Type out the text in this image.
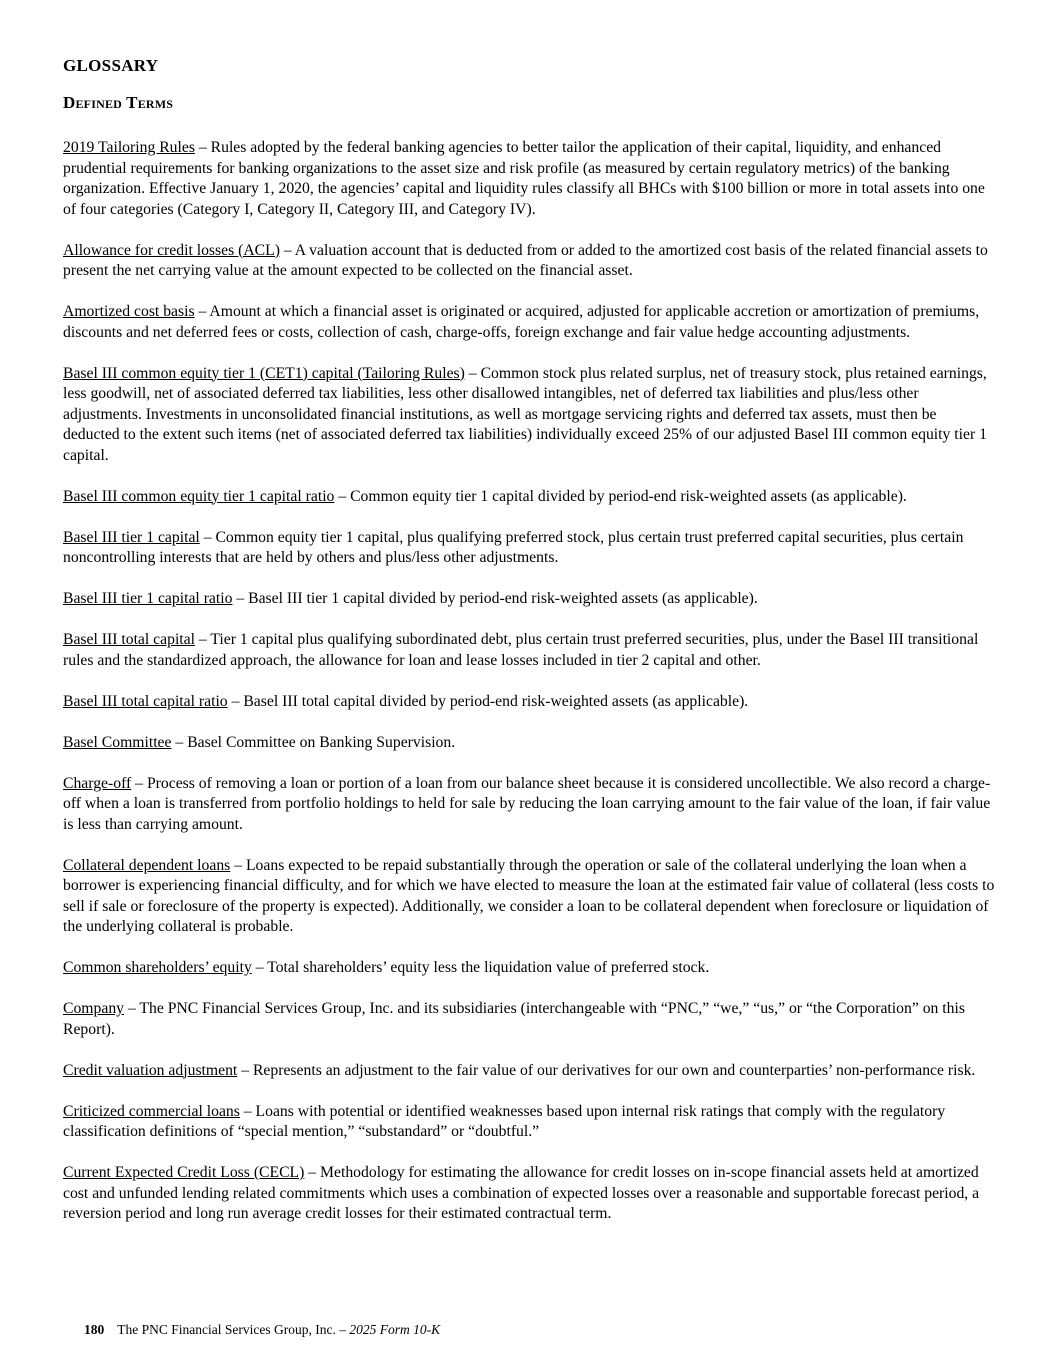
GLOSSARY
Defined Terms

2019 Tailoring Rules – Rules adopted by the federal banking agencies to better tailor the application of their capital, liquidity, and enhanced prudential requirements for banking organizations to the asset size and risk profile (as measured by certain regulatory metrics) of the banking organization. Effective January 1, 2020, the agencies’ capital and liquidity rules classify all BHCs with $100 billion or more in total assets into one of four categories (Category I, Category II, Category III, and Category IV).

Allowance for credit losses (ACL) – A valuation account that is deducted from or added to the amortized cost basis of the related financial assets to present the net carrying value at the amount expected to be collected on the financial asset.

Amortized cost basis – Amount at which a financial asset is originated or acquired, adjusted for applicable accretion or amortization of premiums, discounts and net deferred fees or costs, collection of cash, charge-offs, foreign exchange and fair value hedge accounting adjustments.

Basel III common equity tier 1 (CET1) capital (Tailoring Rules) – Common stock plus related surplus, net of treasury stock, plus retained earnings, less goodwill, net of associated deferred tax liabilities, less other disallowed intangibles, net of deferred tax liabilities and plus/less other adjustments. Investments in unconsolidated financial institutions, as well as mortgage servicing rights and deferred tax assets, must then be deducted to the extent such items (net of associated deferred tax liabilities) individually exceed 25% of our adjusted Basel III common equity tier 1 capital.

Basel III common equity tier 1 capital ratio – Common equity tier 1 capital divided by period-end risk-weighted assets (as applicable).

Basel III tier 1 capital – Common equity tier 1 capital, plus qualifying preferred stock, plus certain trust preferred capital securities, plus certain noncontrolling interests that are held by others and plus/less other adjustments.

Basel III tier 1 capital ratio – Basel III tier 1 capital divided by period-end risk-weighted assets (as applicable).

Basel III total capital – Tier 1 capital plus qualifying subordinated debt, plus certain trust preferred securities, plus, under the Basel III transitional rules and the standardized approach, the allowance for loan and lease losses included in tier 2 capital and other.

Basel III total capital ratio – Basel III total capital divided by period-end risk-weighted assets (as applicable).

Basel Committee – Basel Committee on Banking Supervision.

Charge-off – Process of removing a loan or portion of a loan from our balance sheet because it is considered uncollectible. We also record a charge-off when a loan is transferred from portfolio holdings to held for sale by reducing the loan carrying amount to the fair value of the loan, if fair value is less than carrying amount.

Collateral dependent loans – Loans expected to be repaid substantially through the operation or sale of the collateral underlying the loan when a borrower is experiencing financial difficulty, and for which we have elected to measure the loan at the estimated fair value of collateral (less costs to sell if sale or foreclosure of the property is expected). Additionally, we consider a loan to be collateral dependent when foreclosure or liquidation of the underlying collateral is probable.

Common shareholders’ equity – Total shareholders’ equity less the liquidation value of preferred stock.

Company – The PNC Financial Services Group, Inc. and its subsidiaries (interchangeable with “PNC,” “we,” “us,” or “the Corporation” on this Report).

Credit valuation adjustment – Represents an adjustment to the fair value of our derivatives for our own and counterparties’ non-performance risk.

Criticized commercial loans – Loans with potential or identified weaknesses based upon internal risk ratings that comply with the regulatory classification definitions of “special mention,” “substandard” or “doubtful.”

Current Expected Credit Loss (CECL) – Methodology for estimating the allowance for credit losses on in-scope financial assets held at amortized cost and unfunded lending related commitments which uses a combination of expected losses over a reasonable and supportable forecast period, a reversion period and long run average credit losses for their estimated contractual term.

180 The PNC Financial Services Group, Inc. – 2025 Form 10-K
